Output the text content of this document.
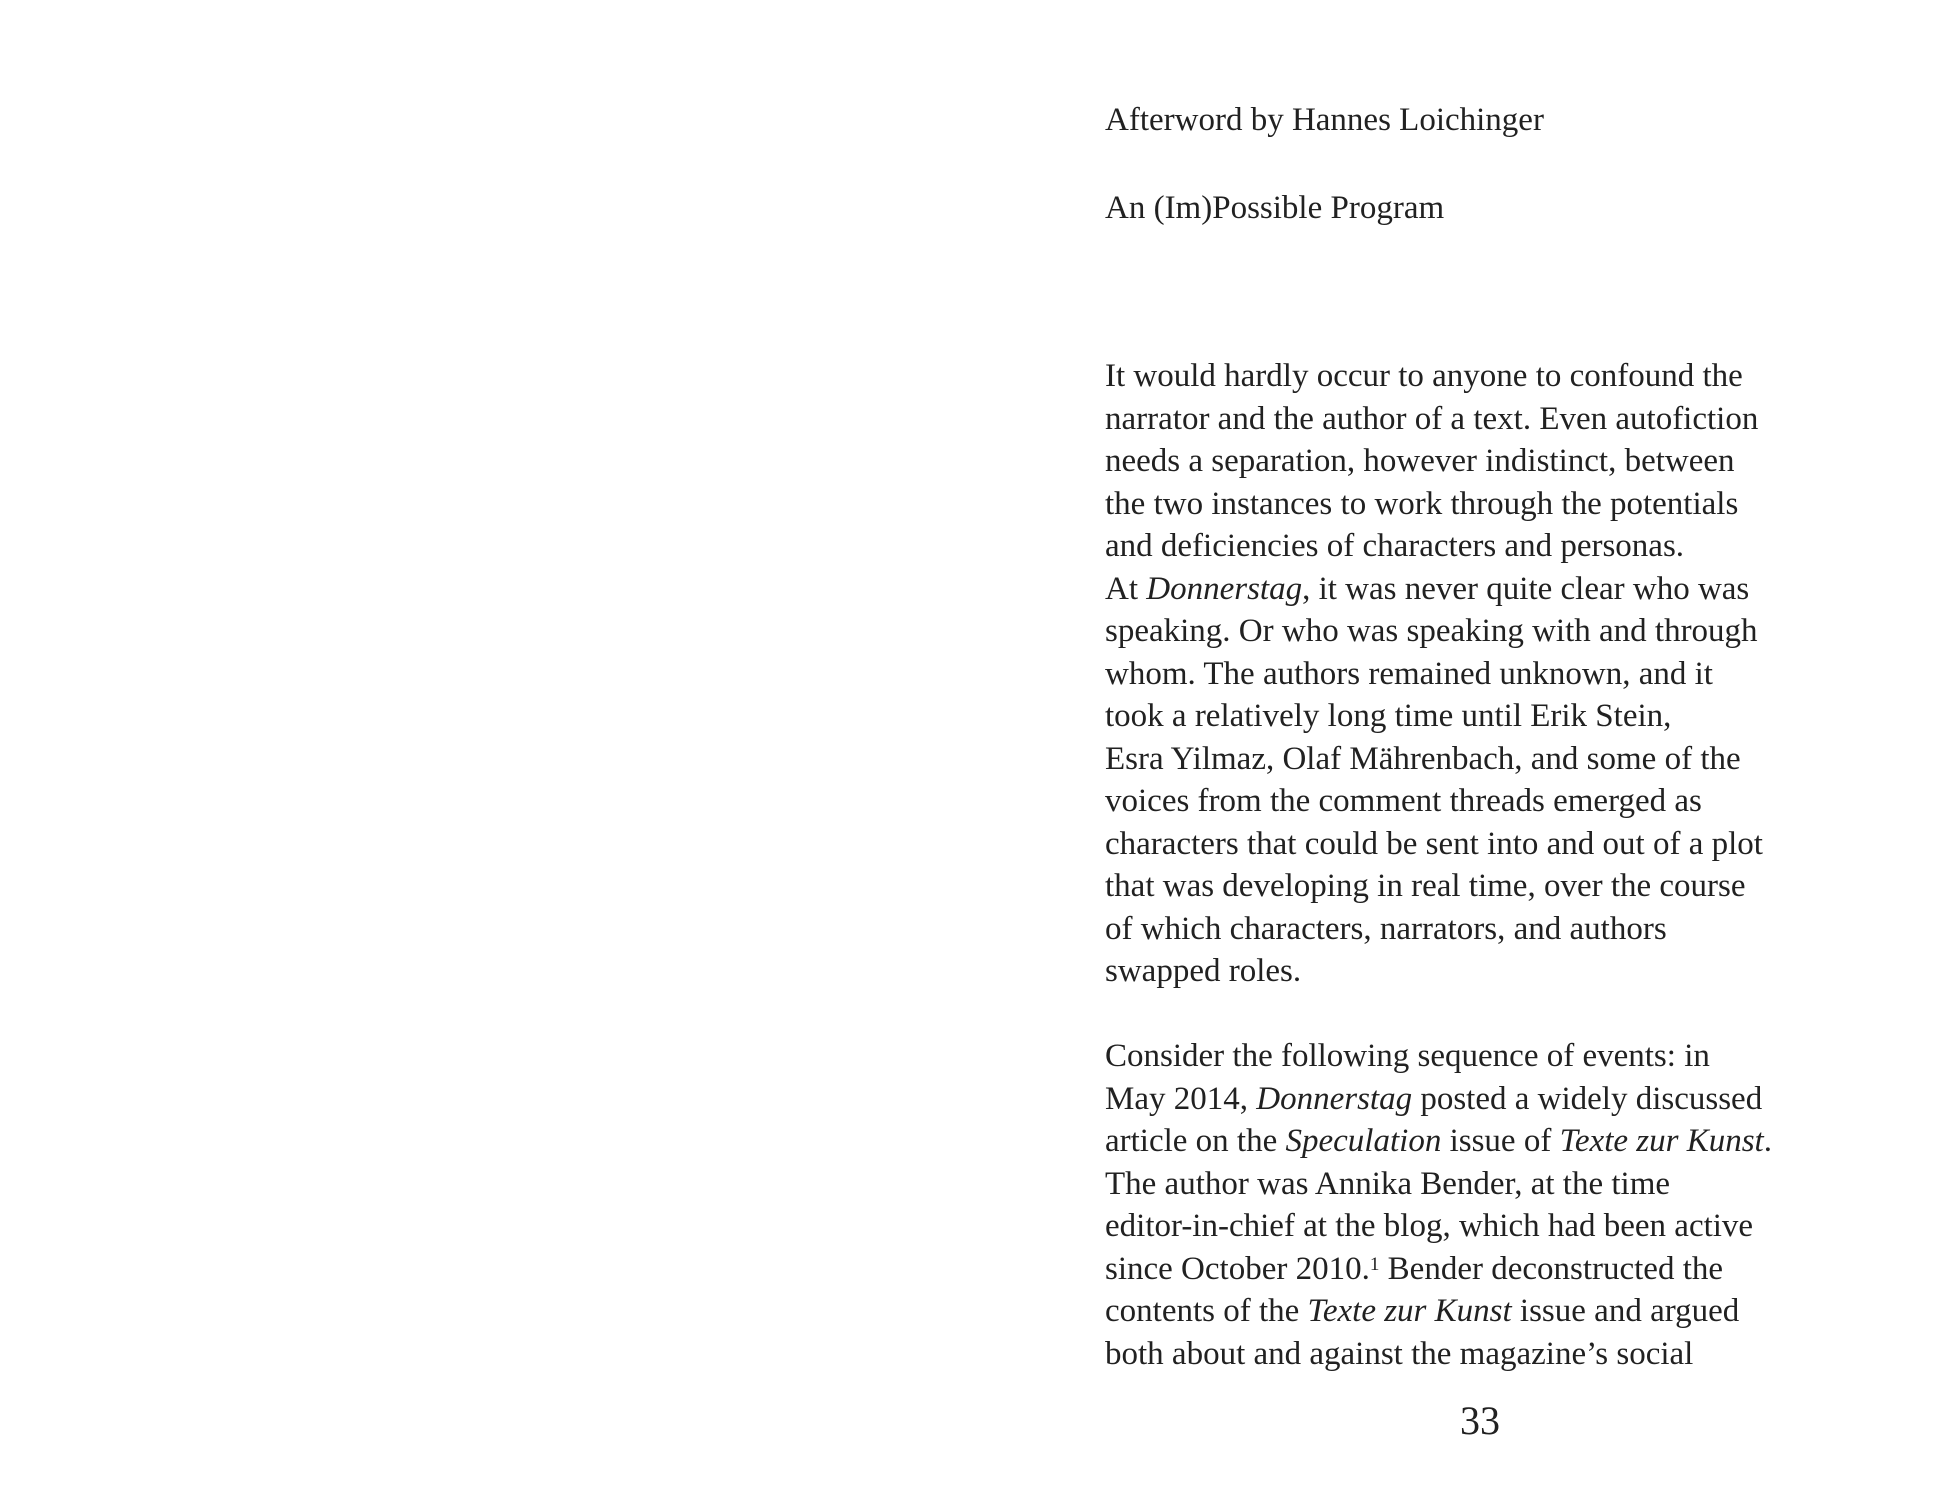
Afterword by Hannes Loichinger
An (Im)Possible Program
It would hardly occur to anyone to confound the
narrator and the author of a text. Even autofiction
needs a separation, however indistinct, between
the two instances to work through the potentials
and deficiencies of characters and personas.
At Donnerstag, it was never quite clear who was
speaking. Or who was speaking with and through
whom. The authors remained unknown, and it
took a relatively long time until Erik Stein,
Esra Yilmaz, Olaf Mährenbach, and some of the
voices from the comment threads emerged as
characters that could be sent into and out of a plot
that was developing in real time, over the course
of which characters, narrators, and authors
swapped roles.
Consider the following sequence of events: in
May 2014, Donnerstag posted a widely discussed
article on the Speculation issue of Texte zur Kunst.
The author was Annika Bender, at the time
editor-in-chief at the blog, which had been active
since October 2010.$^1$ Bender deconstructed the
contents of the Texte zur Kunst issue and argued
both about and against the magazine’s social
33
